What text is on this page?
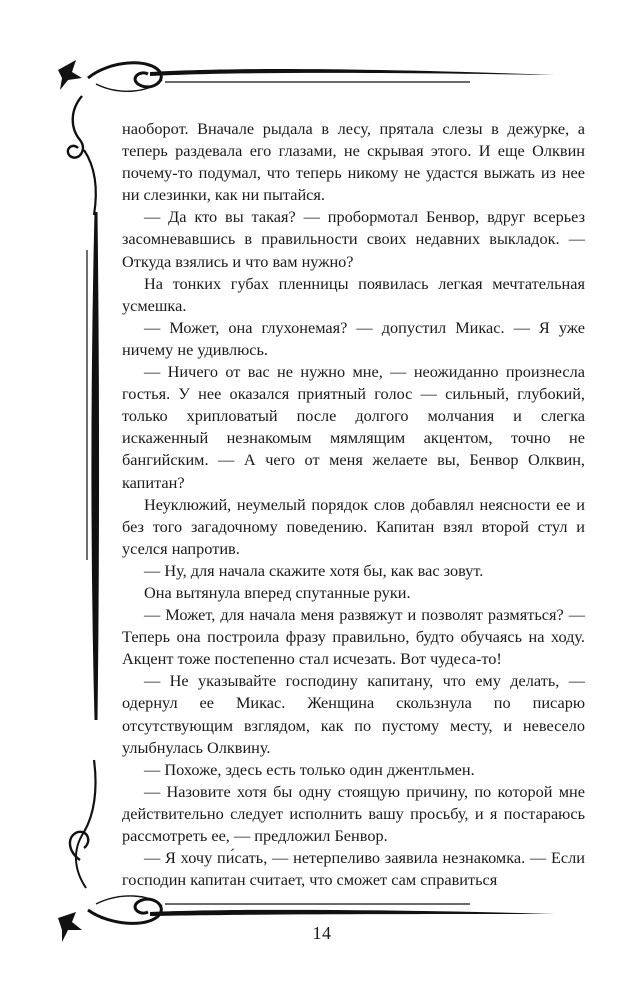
наоборот. Вначале рыдала в лесу, прятала слезы в дежурке, а теперь раздевала его глазами, не скрывая этого. И еще Олквин почему-то подумал, что теперь никому не удастся выжать из нее ни слезинки, как ни пытайся.

— Да кто вы такая? — пробормотал Бенвор, вдруг всерьез засомневавшись в правильности своих недавних выкладок. — Откуда взялись и что вам нужно?

На тонких губах пленницы появилась легкая мечтательная усмешка.

— Может, она глухонемая? — допустил Микас. — Я уже ничему не удивлюсь.

— Ничего от вас не нужно мне, — неожиданно произнесла гостья. У нее оказался приятный голос — сильный, глубокий, только хрипловатый после долгого молчания и слегка искаженный незнакомым мямлящим акцентом, точно не бангийским. — А чего от меня желаете вы, Бенвор Олквин, капитан?

Неуклюжий, неумелый порядок слов добавлял неясности ее и без того загадочному поведению. Капитан взял второй стул и уселся напротив.

— Ну, для начала скажите хотя бы, как вас зовут.

Она вытянула вперед спутанные руки.

— Может, для начала меня развяжут и позволят размяться? — Теперь она построила фразу правильно, будто обучаясь на ходу. Акцент тоже постепенно стал исчезать. Вот чудеса-то!

— Не указывайте господину капитану, что ему делать, — одернул ее Микас. Женщина скользнула по писарю отсутствующим взглядом, как по пустому месту, и невесело улыбнулась Олквину.

— Похоже, здесь есть только один джентльмен.

— Назовите хотя бы одну стоящую причину, по которой мне действительно следует исполнить вашу просьбу, и я постараюсь рассмотреть ее, — предложил Бенвор.

— Я хочу пи́сать, — нетерпеливо заявила незнакомка. — Если господин капитан считает, что сможет сам справиться

14
